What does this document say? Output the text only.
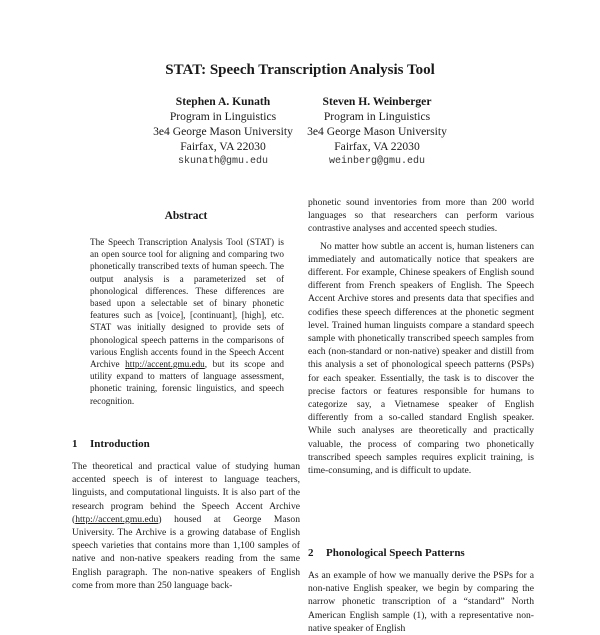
STAT: Speech Transcription Analysis Tool
Stephen A. Kunath
Program in Linguistics
3e4 George Mason University
Fairfax, VA 22030
skunath@gmu.edu
Steven H. Weinberger
Program in Linguistics
3e4 George Mason University
Fairfax, VA 22030
weinberg@gmu.edu
Abstract
The Speech Transcription Analysis Tool (STAT) is an open source tool for aligning and comparing two phonetically transcribed texts of human speech. The output analysis is a parameterized set of phonological differences. These differences are based upon a selectable set of binary phonetic features such as [voice], [continuant], [high], etc. STAT was initially designed to provide sets of phonological speech patterns in the comparisons of various English accents found in the Speech Accent Archive http://accent.gmu.edu, but its scope and utility expand to matters of language assessment, phonetic training, forensic linguistics, and speech recognition.
1 Introduction

The theoretical and practical value of studying human accented speech is of interest to language teachers, linguists, and computational linguists. It is also part of the research program behind the Speech Accent Archive (http://accent.gmu.edu) housed at George Mason University. The Archive is a growing database of English speech varieties that contains more than 1,100 samples of native and non-native speakers reading from the same English paragraph. The non-native speakers of English come from more than 250 language back-

phonetic sound inventories from more than 200 world languages so that researchers can perform various contrastive analyses and accented speech studies.

No matter how subtle an accent is, human listeners can immediately and automatically notice that speakers are different. For example, Chinese speakers of English sound different from French speakers of English. The Speech Accent Archive stores and presents data that specifies and codifies these speech differences at the phonetic segment level. Trained human linguists compare a standard speech sample with phonetically transcribed speech samples from each (non-standard or non-native) speaker and distill from this analysis a set of phonological speech patterns (PSPs) for each speaker. Essentially, the task is to discover the precise factors or features responsible for humans to categorize say, a Vietnamese speaker of English differently from a so-called standard English speaker. While such analyses are theoretically and practically valuable, the process of comparing two phonetically transcribed speech samples requires explicit training, is time-consuming, and is difficult to update.

2 Phonological Speech Patterns

As an example of how we manually derive the PSPs for a non-native English speaker, we begin by comparing the narrow phonetic transcription of a “standard” North American English sample (1), with a representative non-native speaker of English
